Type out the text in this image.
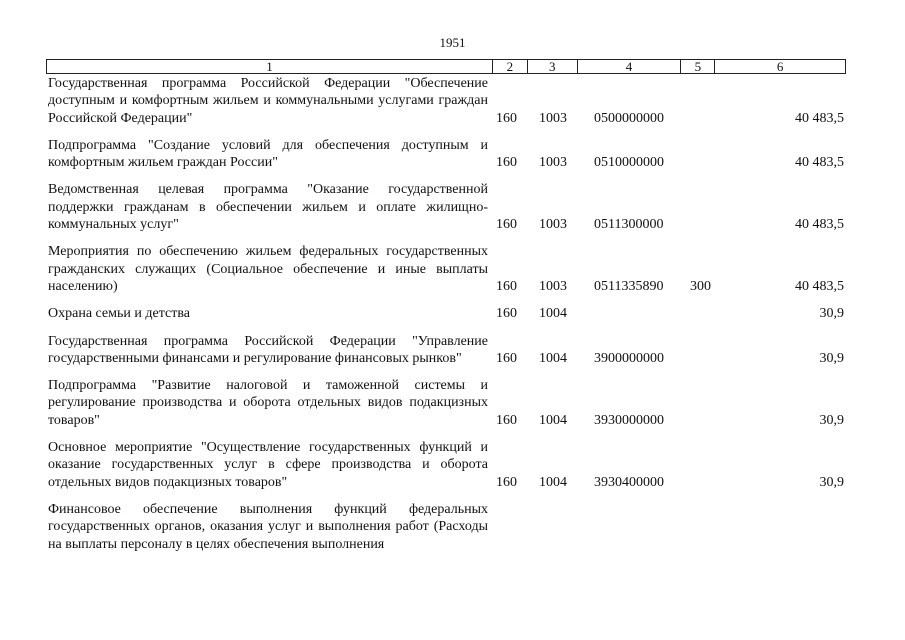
1951
1	2	3	4	5	6
Государственная программа Российской Федерации "Обеспечение доступным и комфортным жильем и коммунальными услугами граждан Российской Федерации"	160 1003 0500000000	40 483,5
Подпрограмма "Создание условий для обеспечения доступным и комфортным жильем граждан России"	160 1003 0510000000	40 483,5
Ведомственная целевая программа "Оказание государственной поддержки гражданам в обеспечении жильем и оплате жилищно-коммунальных услуг"	160 1003 0511300000	40 483,5
Мероприятия по обеспечению жильем федеральных государственных гражданских служащих (Социальное обеспечение и иные выплаты населению)	160 1003 0511335890 300	40 483,5
Охрана семьи и детства	160 1004	30,9
Государственная программа Российской Федерации "Управление государственными финансами и регулирование финансовых рынков"	160 1004 3900000000	30,9
Подпрограмма "Развитие налоговой и таможенной системы и регулирование производства и оборота отдельных видов подакцизных товаров"	160 1004 3930000000	30,9
Основное мероприятие "Осуществление государственных функций и оказание государственных услуг в сфере производства и оборота отдельных видов подакцизных товаров"	160 1004 3930400000	30,9
Финансовое обеспечение выполнения функций федеральных государственных органов, оказания услуг и выполнения работ (Расходы на выплаты персоналу в целях обеспечения выполнения
